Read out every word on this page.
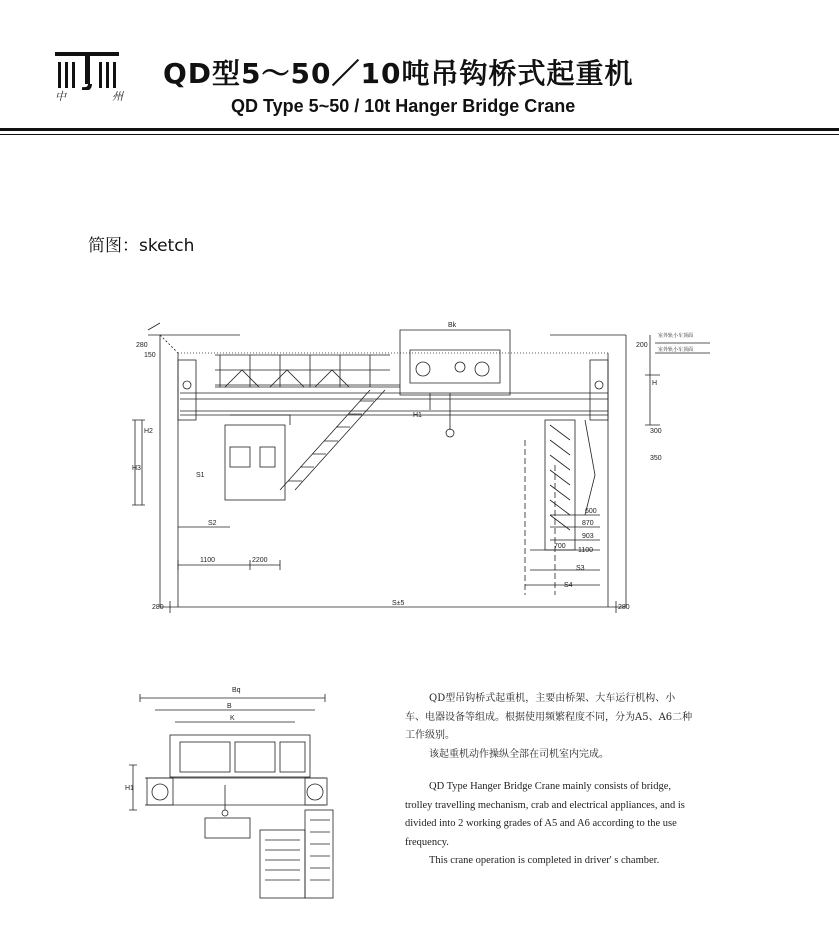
中	州
QD型5～50／10吨吊钩桥式起重机
QD Type 5~50 / 10t Hanger Bridge Crane
简图：sketch
Bk
H
H1
H2
H3
S1
S2
S3
S4
S±5
1100	2200
600
870
903
700
1100
300
350
280
280	280
200
150
室外轨小车顶面
室外轨小车顶面
Bq
B
K
H1

QD型吊钩桥式起重机，主要由桥架、大车运行机构、小车、电器设备等组成。根据使用频繁程度不同，分为A5、A6二种工作级别。

该起重机动作操纵全部在司机室内完成。

QD Type Hanger Bridge Crane mainly consists of bridge, trolley travelling mechanism, crab and electrical appliances, and is divided into 2 working grades of A5 and A6 according to the use frequency.

This crane operation is completed in driver' s chamber.
